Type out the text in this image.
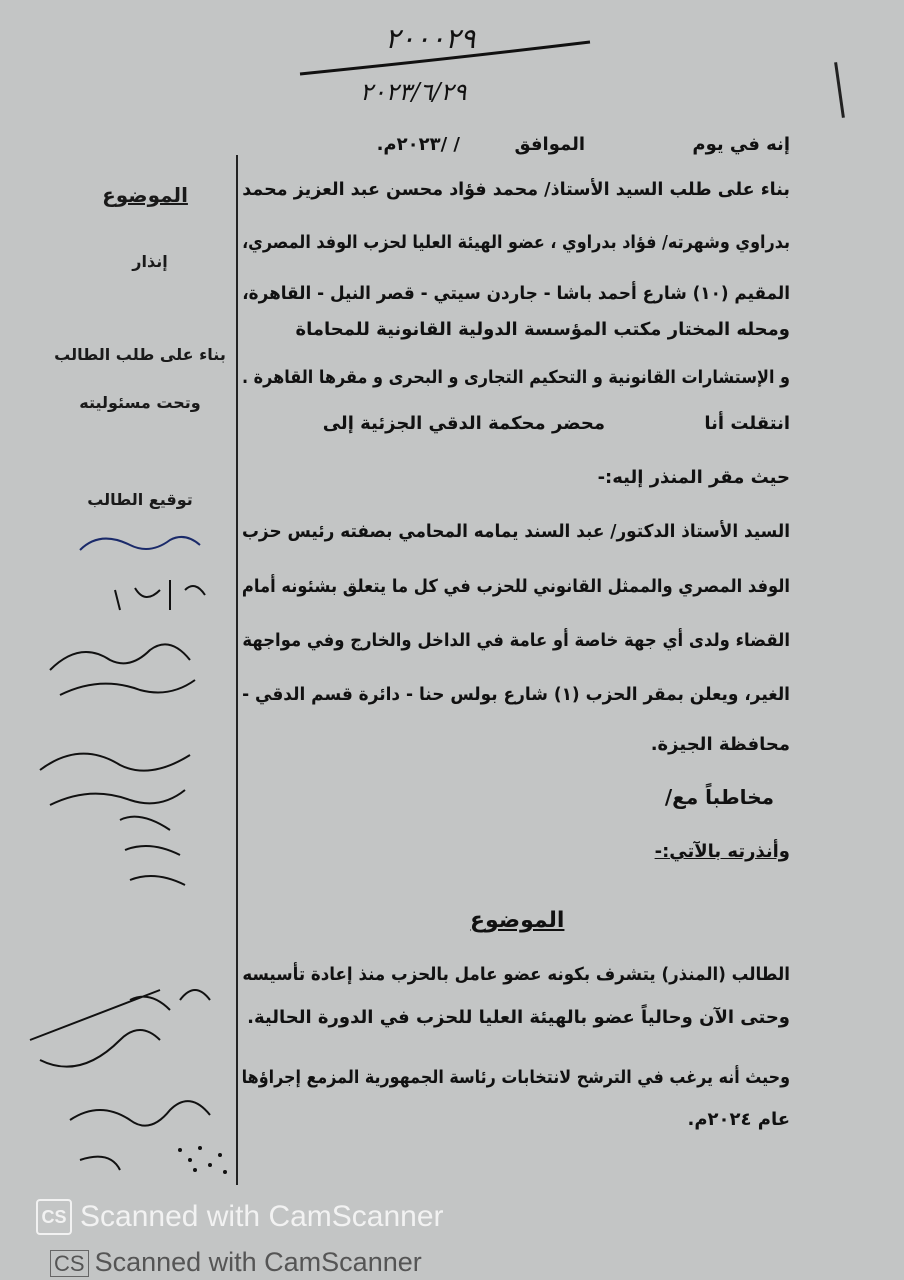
٢٠٠٠٢٩
٢٠٢٣/٦/٢٩
إنه في يوم
الموافق
/ /٢٠٢٣م.
بناء على طلب السيد الأستاذ/ محمد فؤاد محسن عبد العزيز محمد
بدراوي وشهرته/ فؤاد بدراوي ، عضو الهيئة العليا لحزب الوفد المصري،
المقيم (١٠) شارع أحمد باشا - جاردن سيتي - قصر النيل - القاهرة،
ومحله المختار مكتب المؤسسة الدولية القانونية للمحاماة
و الإستشارات القانونية و التحكيم التجارى و البحرى و مقرها القاهرة .
انتقلت أنا
محضر محكمة الدقي الجزئية إلى
حيث مقر المنذر إليه:-
السيد الأستاذ الدكتور/ عبد السند يمامه المحامي بصفته رئيس حزب
الوفد المصري والممثل القانوني للحزب في كل ما يتعلق بشئونه أمام
القضاء ولدى أي جهة خاصة أو عامة في الداخل والخارج وفي مواجهة
الغير، ويعلن بمقر الحزب (١) شارع بولس حنا - دائرة قسم الدقي -
محافظة الجيزة.
مخاطباً مع/
وأنذرته بالآتي:-
الموضوع
الطالب (المنذر) يتشرف بكونه عضو عامل بالحزب منذ إعادة تأسيسه
وحتى الآن وحالياً عضو بالهيئة العليا للحزب في الدورة الحالية.
وحيث أنه يرغب في الترشح لانتخابات رئاسة الجمهورية المزمع إجراؤها
عام ٢٠٢٤م.
الموضوع
إنذار
بناء على طلب الطالب
وتحت مسئوليته
توقيع الطالب
CS Scanned with CamScanner
CS Scanned with CamScanner
